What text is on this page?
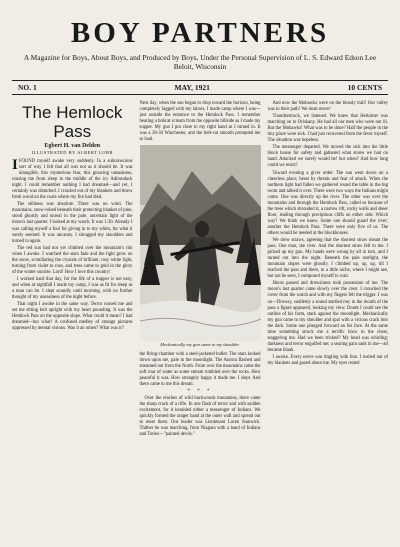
BOY PARTNERS
A Magazine for Boys, About Boys, and Produced by Boys, Under the Personal Supervision of L. S. Edward Edson Lee
Beloit, Wisconsin
NO. 1	MAY, 1921	10 CENTS
The Hemlock Pass
Egbert H. van Delden
ILLUSTRATED BY ALBERT LOBB

IFOUND myself awake very suddenly. In a subconscious sort of way I felt that all was not as it should be. It was intangible, this mysterious fear, this gnawing uneasiness, rousing me from sleep in the middle of the icy Adirondack night. I could remember nothing I had dreamed—and yet, I certainly was disturbed. I crawled out of my blankets and threw fresh wood on the coals where my fire had died.

The stillness was absolute. There was no wind. The mountains, snow-robed beneath their protecting blanket of pine, stood ghostly and unreal in the pale, uncertain light of the moon's last quarter. I looked at my watch. It was 1:30. Already I was calling myself a fool for giving in to my whim, for what it surely seemed. It was uncanny. I shrugged my shoulders and turned in again.

The red sun had not yet climbed over the mountain's rim when I awoke. I watched the stars fade and the light grow on the snow, scintillating the crystals of brilliant, rosy white light, turning from violet to rose, and trees came to gold in the glory of the winter sunrise. Lord! How I love this country!

I worked hard that day, for the life of a trapper is not easy, and when at nightfall I made my camp, I was as fit for sleep as a man can be. I slept soundly until morning, with no further thought of my uneasiness of the night before.

That night I awoke in the same way. Terror roused me and set me sitting bolt upright with my heart pounding. It was the Hemlock Pass on the opposite slope. What could it mean? I had dreamed—but what? A confused medley of strange pictures oppressed by mental visions. Was it an omen? What was it?

Next day, when the sun began to drop toward the horizon, being completely fagged with my labors, I made camp where I was—just outside the entrance to the Hemlock Pass. I remember hearing a bobcat scream from the opposite hillside as I made my supper. My gun I put close to my right hand as I turned in. It was a 38-30 Winchester, and the bolt-cut smooth prompted me to load.

Mechanically my gun came to my shoulder.

the firing-chamber with a steel-jacketed bullet. The stars looked down upon me, pale in the moonlight. The Aurora flashed and streamed out from the North. From over the mountains came the soft roar of water as some stream rumbled over the rocks. How peaceful it was. How strangely happy it made me. I slept. And there came to me this dream:

* * *

Over the reaches of wild backwoods mountains, there came the sharp crack of a rifle. In one flash of terror and with sudden excitement, for it heralded either a messenger of Indians. We quickly formed the ranger band at the outer wall and spread out to meet them. Our leader was Lieutenant Loren Stanwick. Thither he was marching, from Niagara with a band of Indians and Tories—"painted devils."

And now the Mohawks were on the bloody trail! Our valley was in their path! We must move!

Thunderstruck, we listened. We knew that Herkimer was marching on to Oriskany. He had all our men who were not ill. But the Mohawks! What was to be done? Half the people in the tiny place were sick. I had just recovered from the fever myself. The situation was hopeless.

The messenger departed. We moved the sick into the little block house for safety and gathered what stores we had on hand. Attacked we surely would be! but when? And how long could we resist?

Toward evening a giver order. The sun went down on a cheerless place, beset by threats and fear of attack. When the northern light had fallen we gathered round the table in the big room and talked it over. There were two ways the Indians might come. One was directly up the river. The other was over the mountains and through the Hemlock Pass, called so because of the trees which shrouded it, a narrow rift, rocky walls and sheer floor, leading through precipitous cliffs on either side. Which way? We think we knew. Some one should guard the river; another the Hemlock Pass. There were only five of us. The others would be needed at the blockhouses.

We drew straws, agreeing that the shortest straw meant the pass. One man, the river. And the shortest straw fell to me. I picked up my gun. My hands were wrong by all in turn, and I turned out into the night. Beneath the pale starlight, the mountain slopes were ghostly. I climbed up, up, up, till I reached the pass and there, in a little niche, where I might see, but not be seen, I composed myself to wait.

Hours passed and drowsiness took possession of me. The moon's last quarter came slowly over the crest. I crouched the cover from the watch and with my fingers felt the trigger. I was on—Drowsy, suddenly a sound startled me; in the mouth of the pass a figure appeared, looking my view. Doubt I could see the outline of his form, stark against the moonlight. Mechanically my gun came to my shoulder and spat with a vicious crack into the dark. Some one plunged forward on his face. At the same time something struck me a terrific blow in the chest, staggering me. Had we been tricked? My head was whirling; darkness and terror engulfed me; a searing pain sank in me—all became blank.

I awoke. Every nerve was tingling with fear. I rushed out of my blankets and gazed about me. My eyes rested
